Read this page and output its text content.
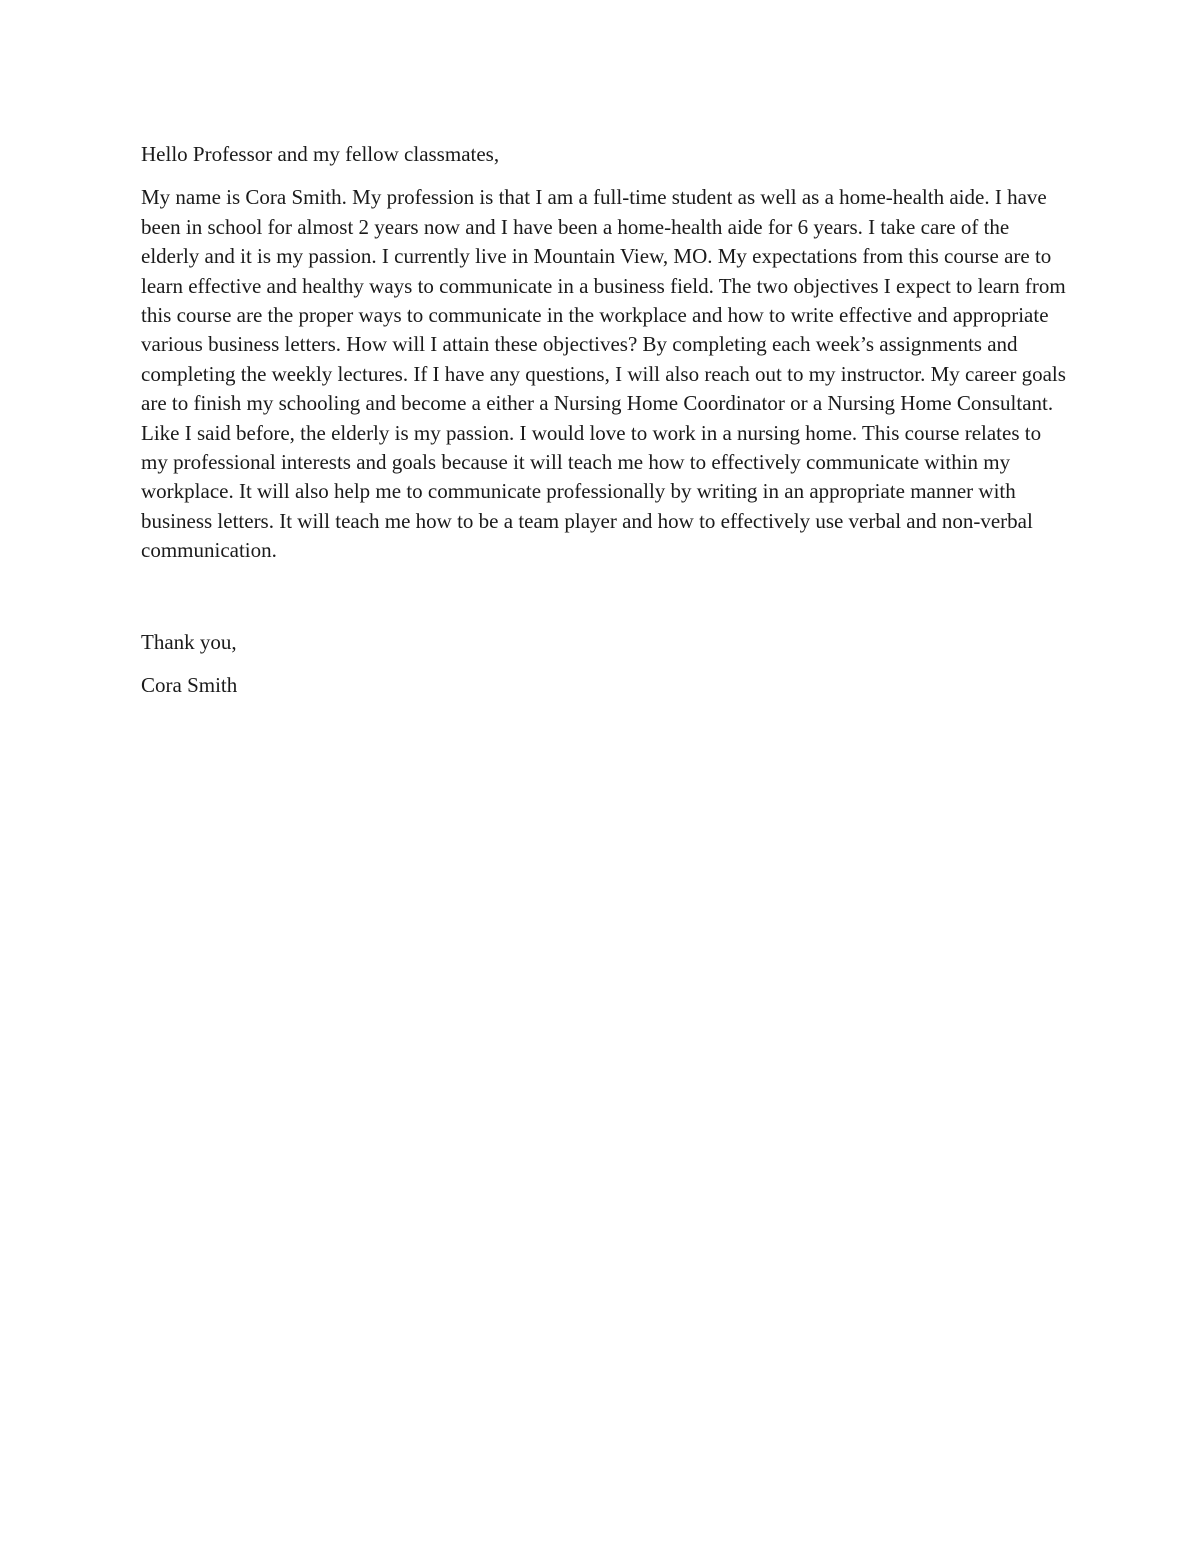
Hello Professor and my fellow classmates,

My name is Cora Smith. My profession is that I am a full-time student as well as a home-health aide. I have been in school for almost 2 years now and I have been a home-health aide for 6 years. I take care of the elderly and it is my passion. I currently live in Mountain View, MO. My expectations from this course are to learn effective and healthy ways to communicate in a business field. The two objectives I expect to learn from this course are the proper ways to communicate in the workplace and how to write effective and appropriate various business letters. How will I attain these objectives? By completing each week’s assignments and completing the weekly lectures. If I have any questions, I will also reach out to my instructor. My career goals are to finish my schooling and become a either a Nursing Home Coordinator or a Nursing Home Consultant. Like I said before, the elderly is my passion. I would love to work in a nursing home. This course relates to my professional interests and goals because it will teach me how to effectively communicate within my workplace. It will also help me to communicate professionally by writing in an appropriate manner with business letters. It will teach me how to be a team player and how to effectively use verbal and non-verbal communication.

Thank you,

Cora Smith
